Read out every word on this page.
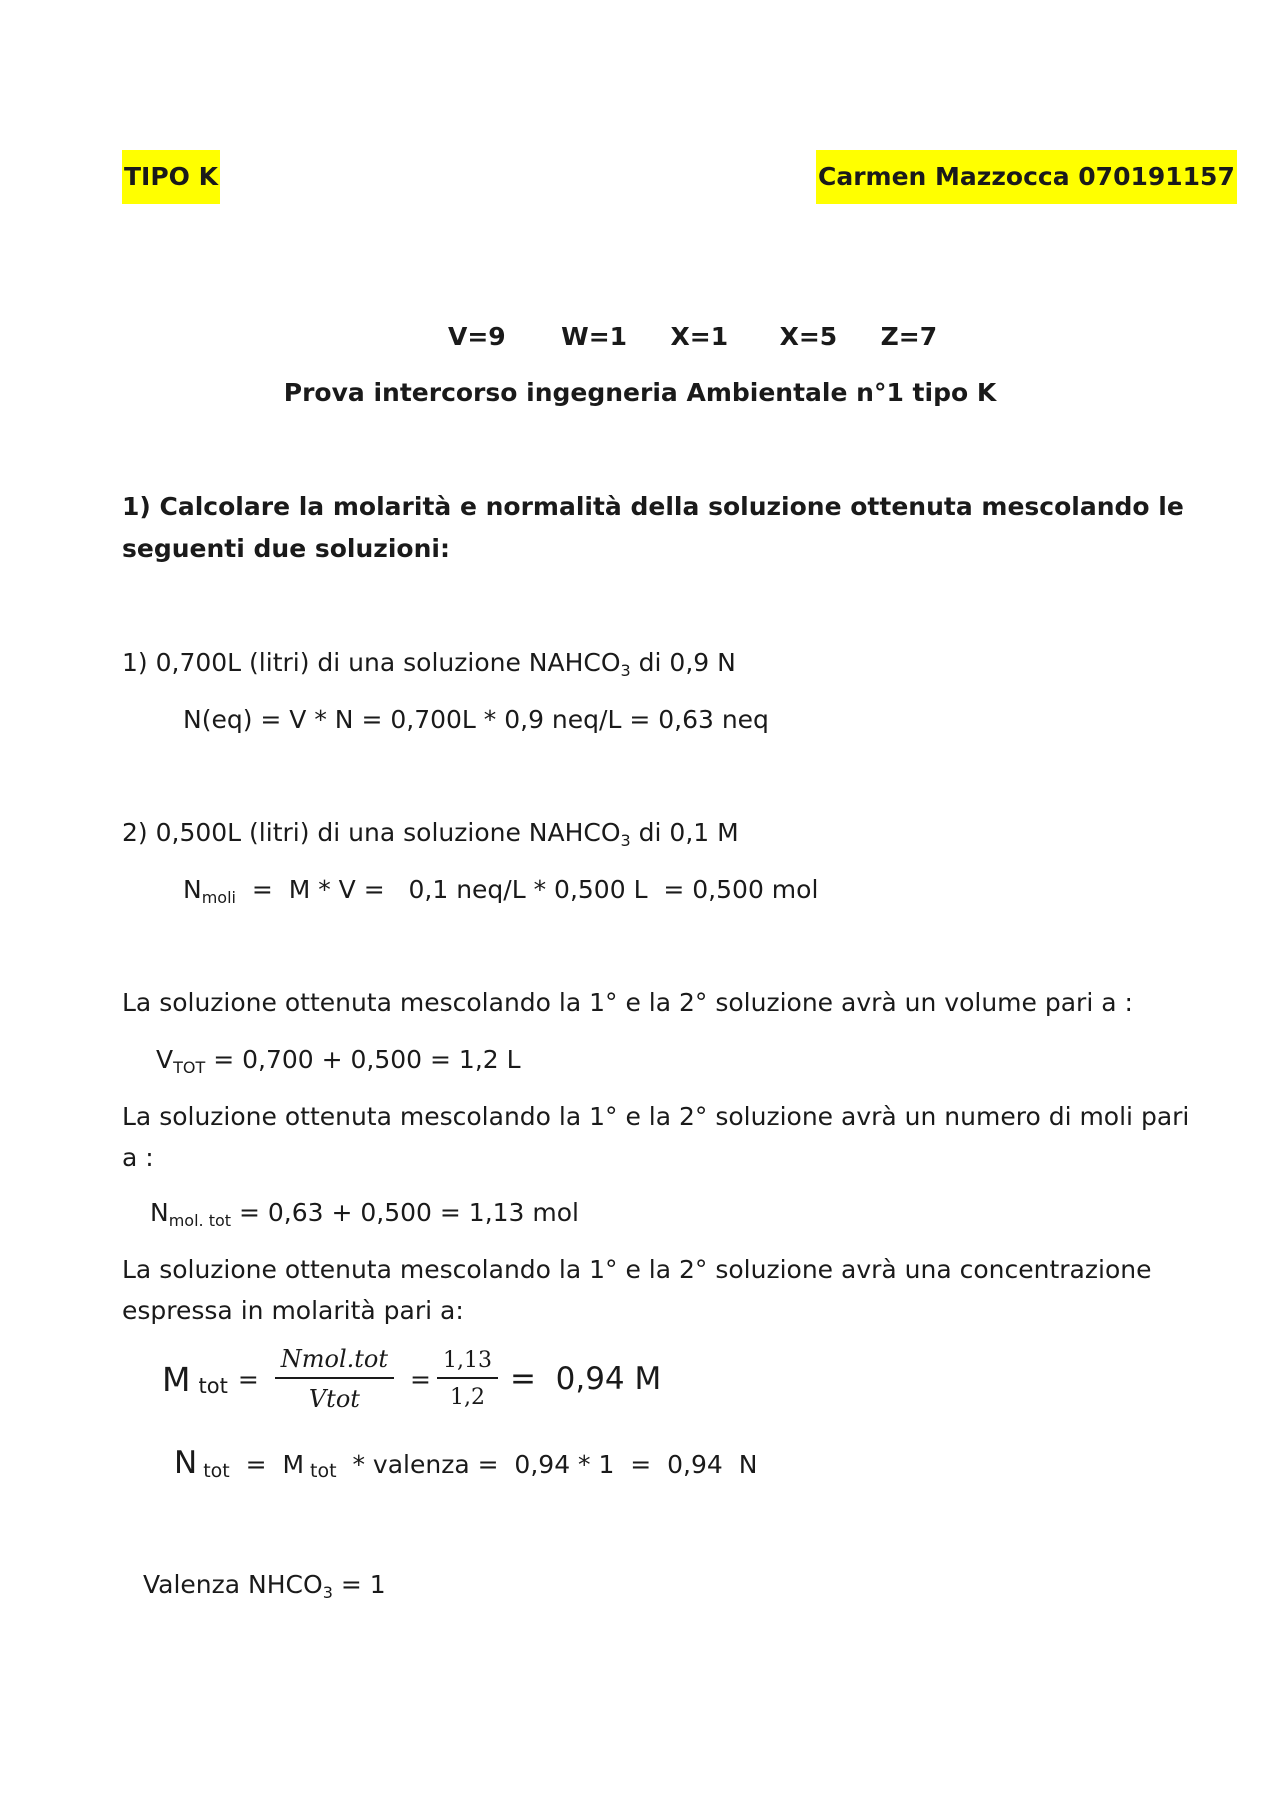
TIPO K	Carmen Mazzocca 070191157
V=9 W=1 X=1 X=5 Z=7
Prova intercorso ingegneria Ambientale n°1 tipo K
1) Calcolare la molarità e normalità della soluzione ottenuta mescolando le
seguenti due soluzioni:
1) 0,700L (litri) di una soluzione $NAHCO_3$ di 0,9 N
N(eq) = V * N = 0,700L * 0,9 neq/L = 0,63 neq
2) 0,500L (litri) di una soluzione $NAHCO_3$ di 0,1 M
$N_{moli} = M * V = 0,1$ neq/L * 0,500 L  = 0,500 mol
La soluzione ottenuta mescolando la 1° e la 2° soluzione avrà un volume pari a :
$V_{TOT} = 0,700 + 0,500 = 1,2$ L
La soluzione ottenuta mescolando la 1° e la 2° soluzione avrà un numero di moli pari
a :
$N_{mol. tot} = 0,63 + 0,500 = 1,13$ mol
La soluzione ottenuta mescolando la 1° e la 2° soluzione avrà una concentrazione
espressa in molarità pari a:
M tot = $\frac{\text{Nmol.tot}}{\text{Vtot}} = \frac{1,13}{1,2} = 0,94$ M
N tot =  M tot * valenza =  0,94 * 1  =  0,94  N
Valenza $NHCO_3 = 1$
